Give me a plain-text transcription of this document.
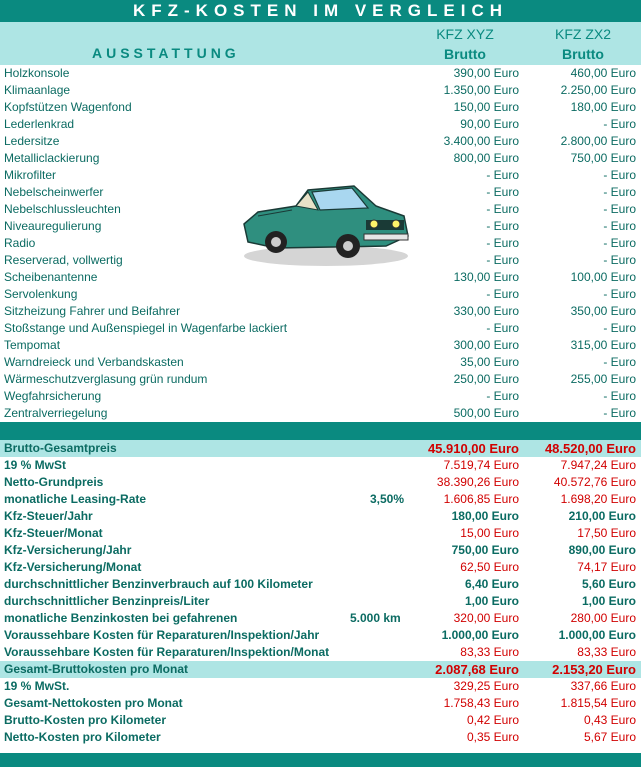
KFZ-KOSTEN IM VERGLEICH
AUSSTATTUNG
KFZ XYZ
Brutto
KFZ ZX2
Brutto
Holzkonsole	390,00 Euro	460,00 Euro
Klimaanlage	1.350,00 Euro	2.250,00 Euro
Kopfstützen Wagenfond	150,00 Euro	180,00 Euro
Lederlenkrad	90,00 Euro	- Euro
Ledersitze	3.400,00 Euro	2.800,00 Euro
Metalliclackierung	800,00 Euro	750,00 Euro
Mikrofilter	- Euro	- Euro
Nebelscheinwerfer	- Euro	- Euro
Nebelschlussleuchten	- Euro	- Euro
Niveauregulierung	- Euro	- Euro
Radio	- Euro	- Euro
Reserverad, vollwertig	- Euro	- Euro
Scheibenantenne	130,00 Euro	100,00 Euro
Servolenkung	- Euro	- Euro
Sitzheizung Fahrer und Beifahrer	330,00 Euro	350,00 Euro
Stoßstange und Außenspiegel in Wagenfarbe lackiert	- Euro	- Euro
Tempomat	300,00 Euro	315,00 Euro
Warndreieck und Verbandskasten	35,00 Euro	- Euro
Wärmeschutzverglasung grün rundum	250,00 Euro	255,00 Euro
Wegfahrsicherung	- Euro	- Euro
Zentralverriegelung	500,00 Euro	- Euro
Brutto-Gesamtpreis	45.910,00 Euro 48.520,00 Euro
19 % MwSt	7.519,74 Euro	7.947,24 Euro
Netto-Grundpreis	38.390,26 Euro	40.572,76 Euro
monatliche Leasing-Rate	3,50%	1.606,85 Euro	1.698,20 Euro
Kfz-Steuer/Jahr	180,00 Euro	210,00 Euro
Kfz-Steuer/Monat	15,00 Euro	17,50 Euro
Kfz-Versicherung/Jahr	750,00 Euro	890,00 Euro
Kfz-Versicherung/Monat	62,50 Euro	74,17 Euro
durchschnittlicher Benzinverbrauch auf 100 Kilometer	6,40 Euro	5,60 Euro
durchschnittlicher Benzinpreis/Liter	1,00 Euro	1,00 Euro
monatliche Benzinkosten bei gefahrenen	5.000 km	320,00 Euro	280,00 Euro
Voraussehbare Kosten für Reparaturen/Inspektion/Jahr	1.000,00 Euro	1.000,00 Euro
Voraussehbare Kosten für Reparaturen/Inspektion/Monat	83,33 Euro	83,33 Euro
Gesamt-Bruttokosten pro Monat	2.087,68 Euro	2.153,20 Euro
19 % MwSt.	329,25 Euro	337,66 Euro
Gesamt-Nettokosten pro Monat	1.758,43 Euro	1.815,54 Euro
Brutto-Kosten pro Kilometer	0,42 Euro	0,43 Euro
Netto-Kosten pro Kilometer	0,35 Euro	5,67 Euro
